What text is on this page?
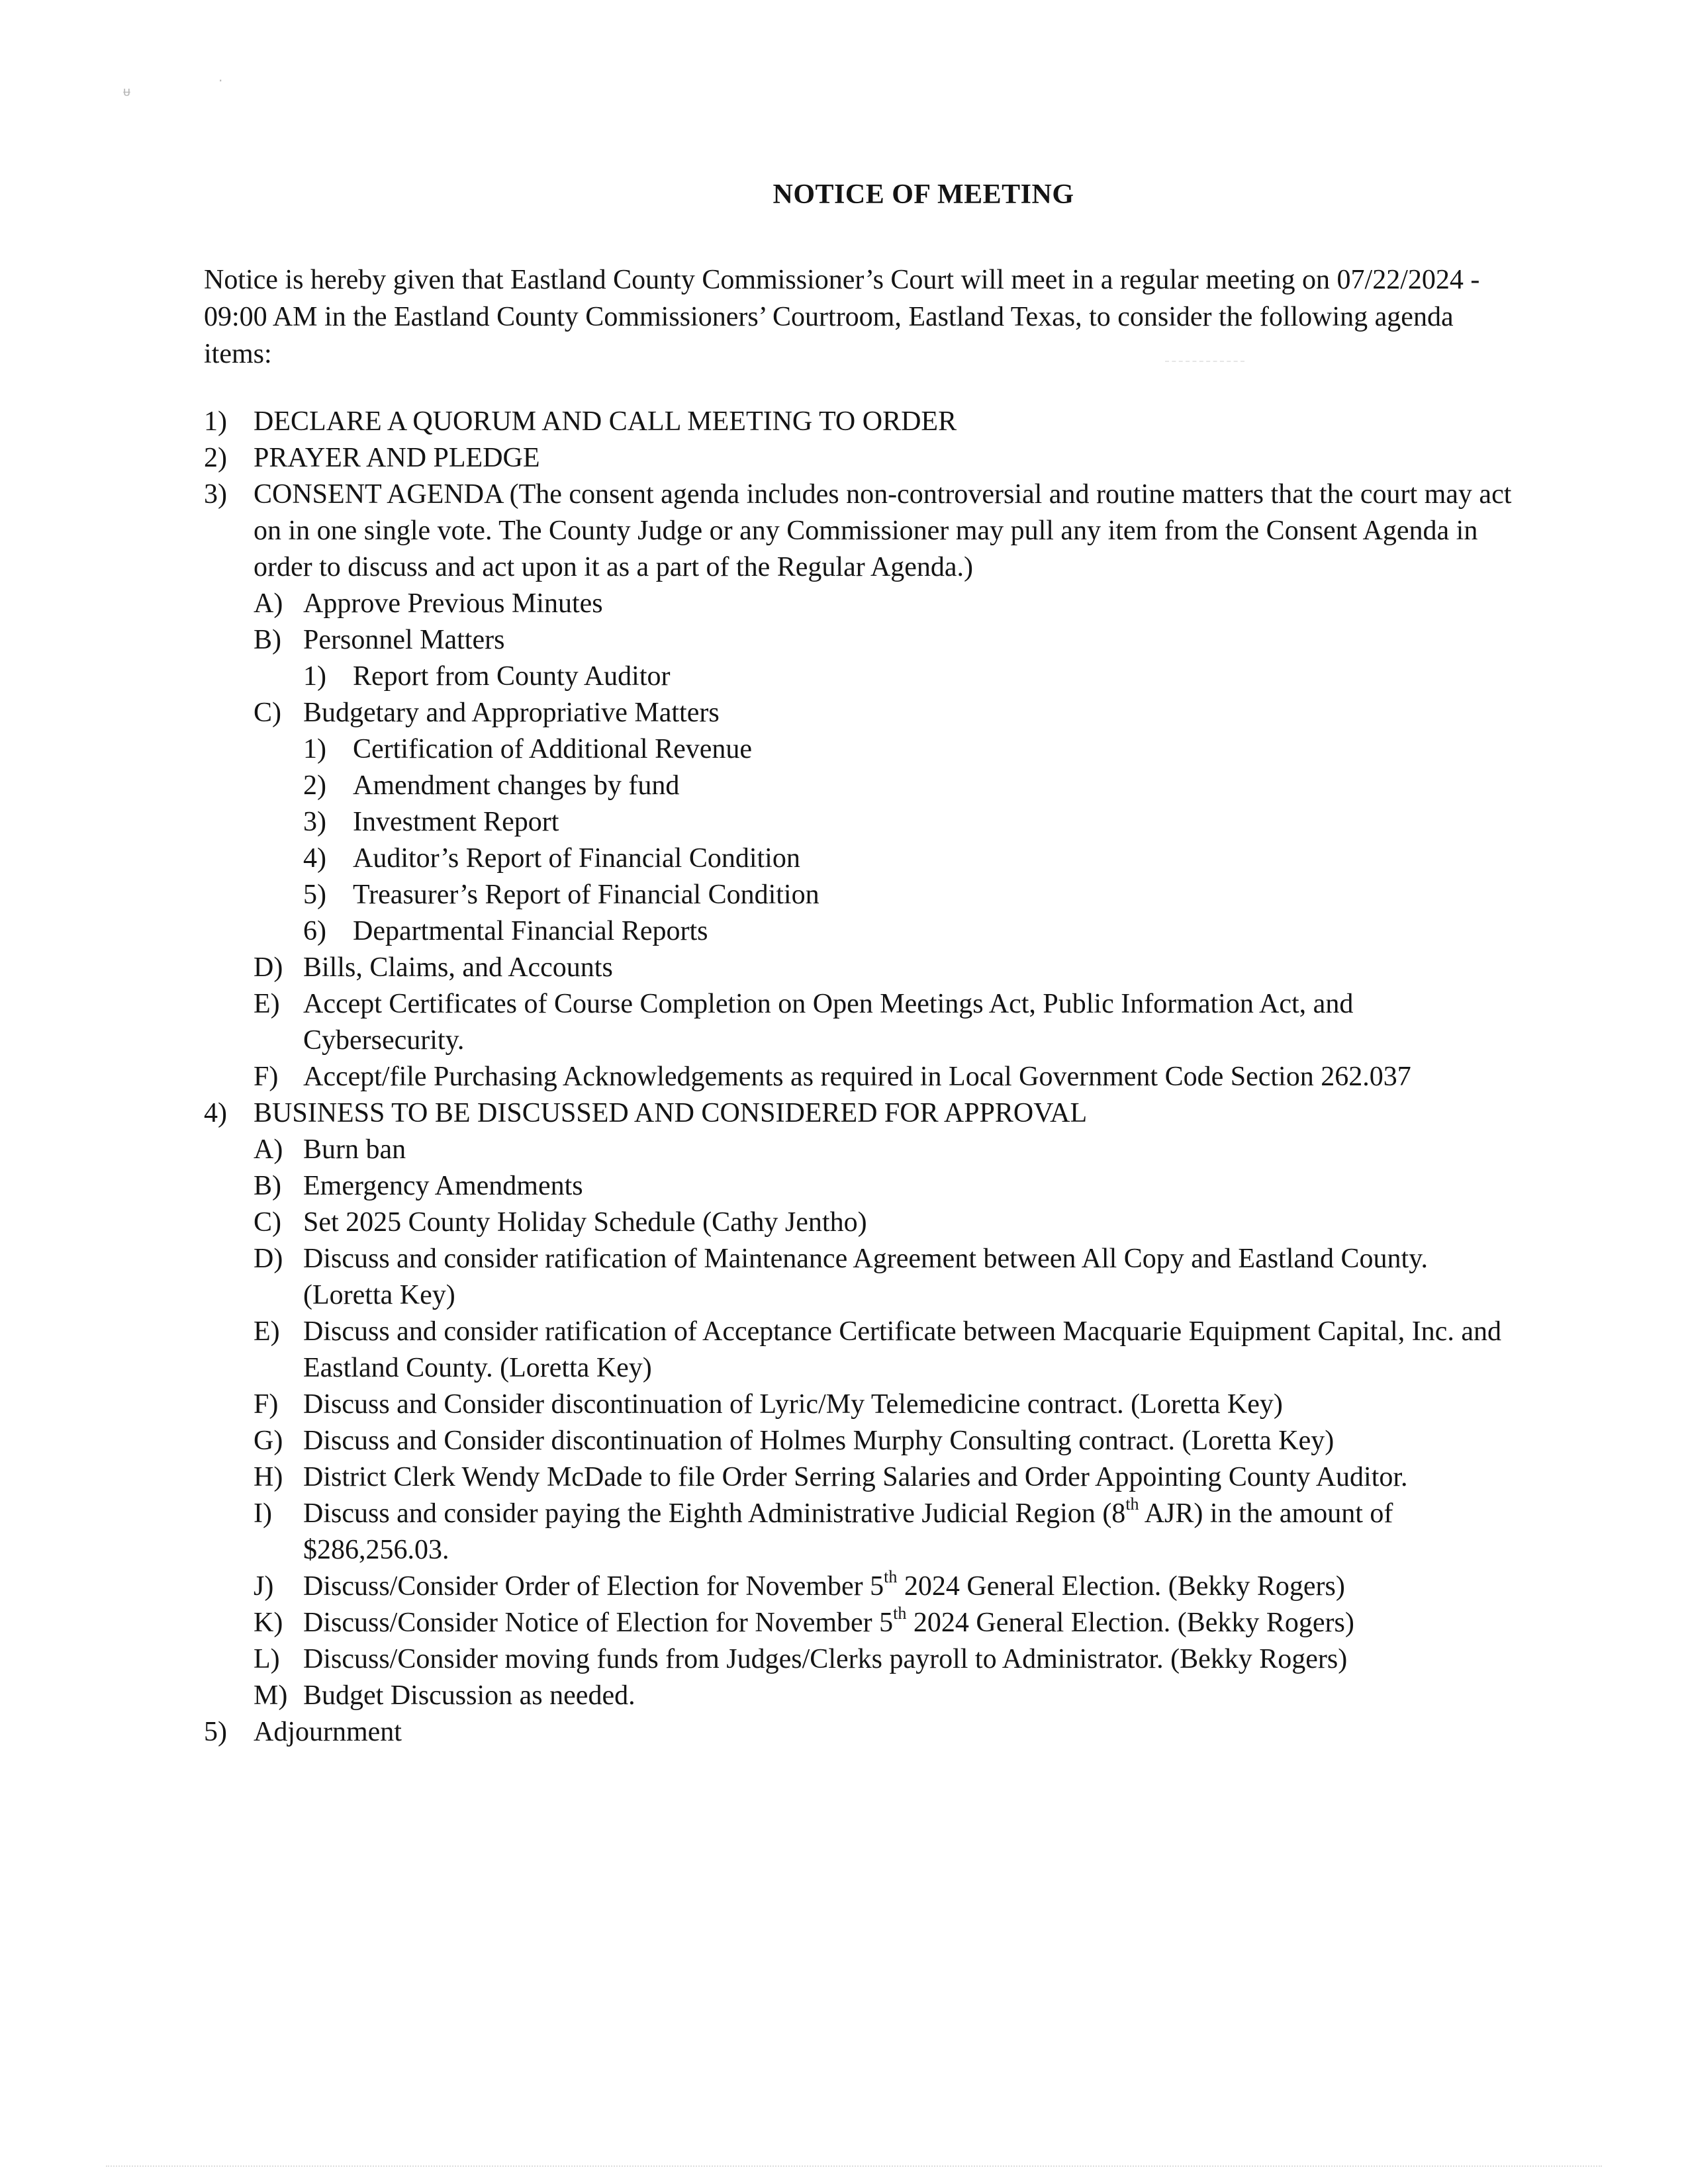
ᵾ
·
NOTICE OF MEETING
Notice is hereby given that Eastland County Commissioner’s Court will meet in a regular meeting on 07/22/2024 - 09:00 AM in the Eastland County Commissioners’ Courtroom, Eastland Texas, to consider the following agenda items:
1) DECLARE A QUORUM AND CALL MEETING TO ORDER
2) PRAYER AND PLEDGE
3) CONSENT AGENDA (The consent agenda includes non-controversial and routine matters that the court may act on in one single vote. The County Judge or any Commissioner may pull any item from the Consent Agenda in order to discuss and act upon it as a part of the Regular Agenda.)
A) Approve Previous Minutes
B) Personnel Matters
1) Report from County Auditor
C) Budgetary and Appropriative Matters
1) Certification of Additional Revenue
2) Amendment changes by fund
3) Investment Report
4) Auditor’s Report of Financial Condition
5) Treasurer’s Report of Financial Condition
6) Departmental Financial Reports
D) Bills, Claims, and Accounts
E) Accept Certificates of Course Completion on Open Meetings Act, Public Information Act, and Cybersecurity.
F) Accept/file Purchasing Acknowledgements as required in Local Government Code Section 262.037
4) BUSINESS TO BE DISCUSSED AND CONSIDERED FOR APPROVAL
A) Burn ban
B) Emergency Amendments
C) Set 2025 County Holiday Schedule (Cathy Jentho)
D) Discuss and consider ratification of Maintenance Agreement between All Copy and Eastland County. (Loretta Key)
E) Discuss and consider ratification of Acceptance Certificate between Macquarie Equipment Capital, Inc. and Eastland County. (Loretta Key)
F) Discuss and Consider discontinuation of Lyric/My Telemedicine contract. (Loretta Key)
G) Discuss and Consider discontinuation of Holmes Murphy Consulting contract. (Loretta Key)
H) District Clerk Wendy McDade to file Order Serring Salaries and Order Appointing County Auditor.
I)	Discuss and consider paying the Eighth Administrative Judicial Region (8th AJR) in the amount of $286,256.03.
J)	Discuss/Consider Order of Election for November 5th 2024 General Election. (Bekky Rogers)
K) Discuss/Consider Notice of Election for November 5th 2024 General Election. (Bekky Rogers)
L) Discuss/Consider moving funds from Judges/Clerks payroll to Administrator. (Bekky Rogers)
M) Budget Discussion as needed.
5) Adjournment
